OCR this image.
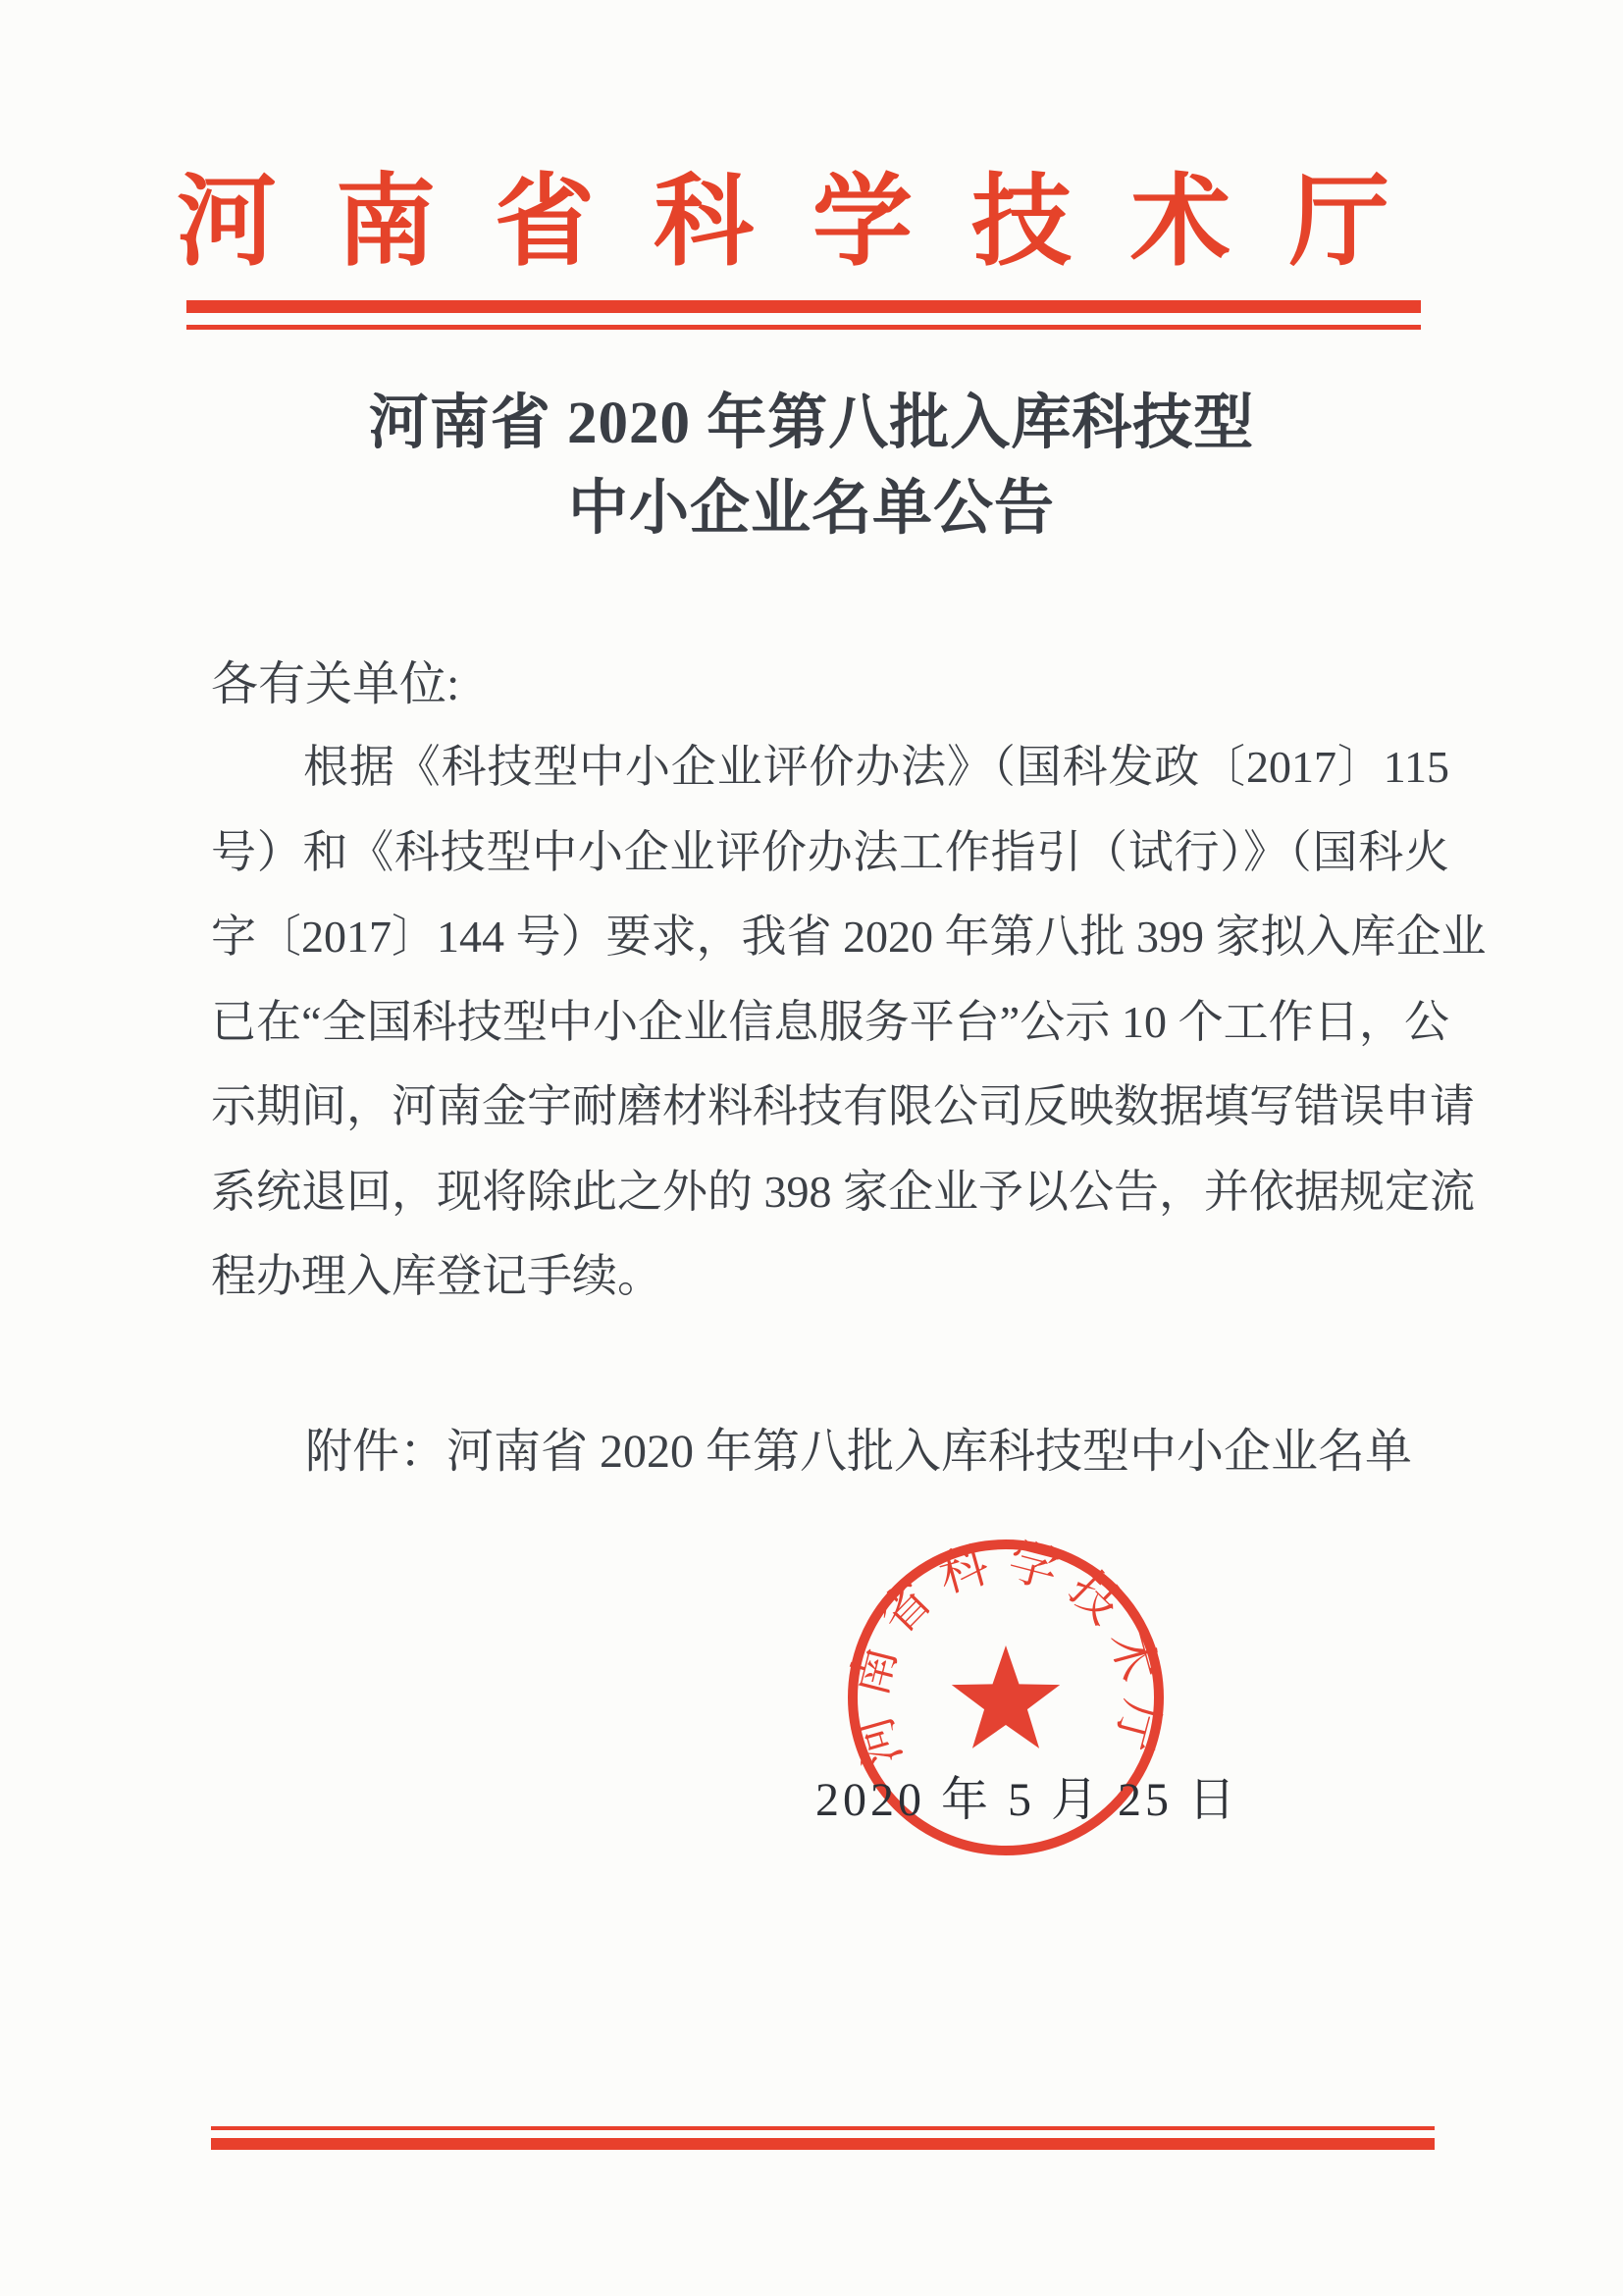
河南省科学技术厅
河南省 2020 年第八批入库科技型
中小企业名单公告
各有关单位:
根据《科技型中小企业评价办法》（国科发政〔2017〕115
号）和《科技型中小企业评价办法工作指引（试行）》（国科火
字〔2017〕144 号）要求，我省 2020 年第八批 399 家拟入库企业
已在“全国科技型中小企业信息服务平台”公示 10 个工作日，公
示期间，河南金宇耐磨材料科技有限公司反映数据填写错误申请
系统退回，现将除此之外的 398 家企业予以公告，并依据规定流
程办理入库登记手续。
附件：河南省 2020 年第八批入库科技型中小企业名单
河南省科学技术厅
2020 年 5 月 25 日
